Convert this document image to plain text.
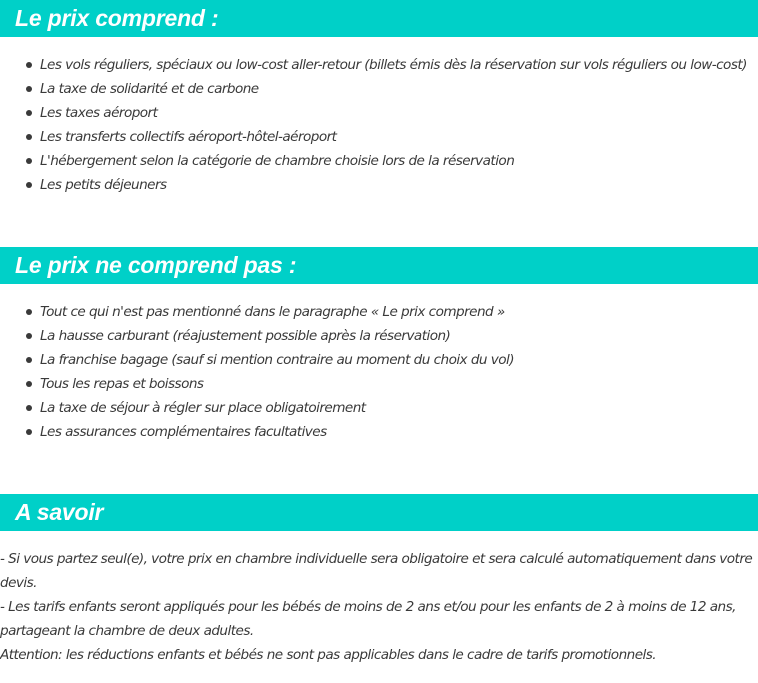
Le prix comprend :
Les vols réguliers, spéciaux ou low-cost aller-retour (billets émis dès la réservation sur vols réguliers ou low-cost)
La taxe de solidarité et de carbone
Les taxes aéroport
Les transferts collectifs aéroport-hôtel-aéroport
L'hébergement selon la catégorie de chambre choisie lors de la réservation
Les petits déjeuners
Le prix ne comprend pas :
Tout ce qui n'est pas mentionné dans le paragraphe « Le prix comprend »
La hausse carburant (réajustement possible après la réservation)
La franchise bagage (sauf si mention contraire au moment du choix du vol)
Tous les repas et boissons
La taxe de séjour à régler sur place obligatoirement
Les assurances complémentaires facultatives
A savoir

- Si vous partez seul(e), votre prix en chambre individuelle sera obligatoire et sera calculé automatiquement dans votre devis.

- Les tarifs enfants seront appliqués pour les bébés de moins de 2 ans et/ou pour les enfants de 2 à moins de 12 ans, partageant la chambre de deux adultes.

Attention: les réductions enfants et bébés ne sont pas applicables dans le cadre de tarifs promotionnels.
